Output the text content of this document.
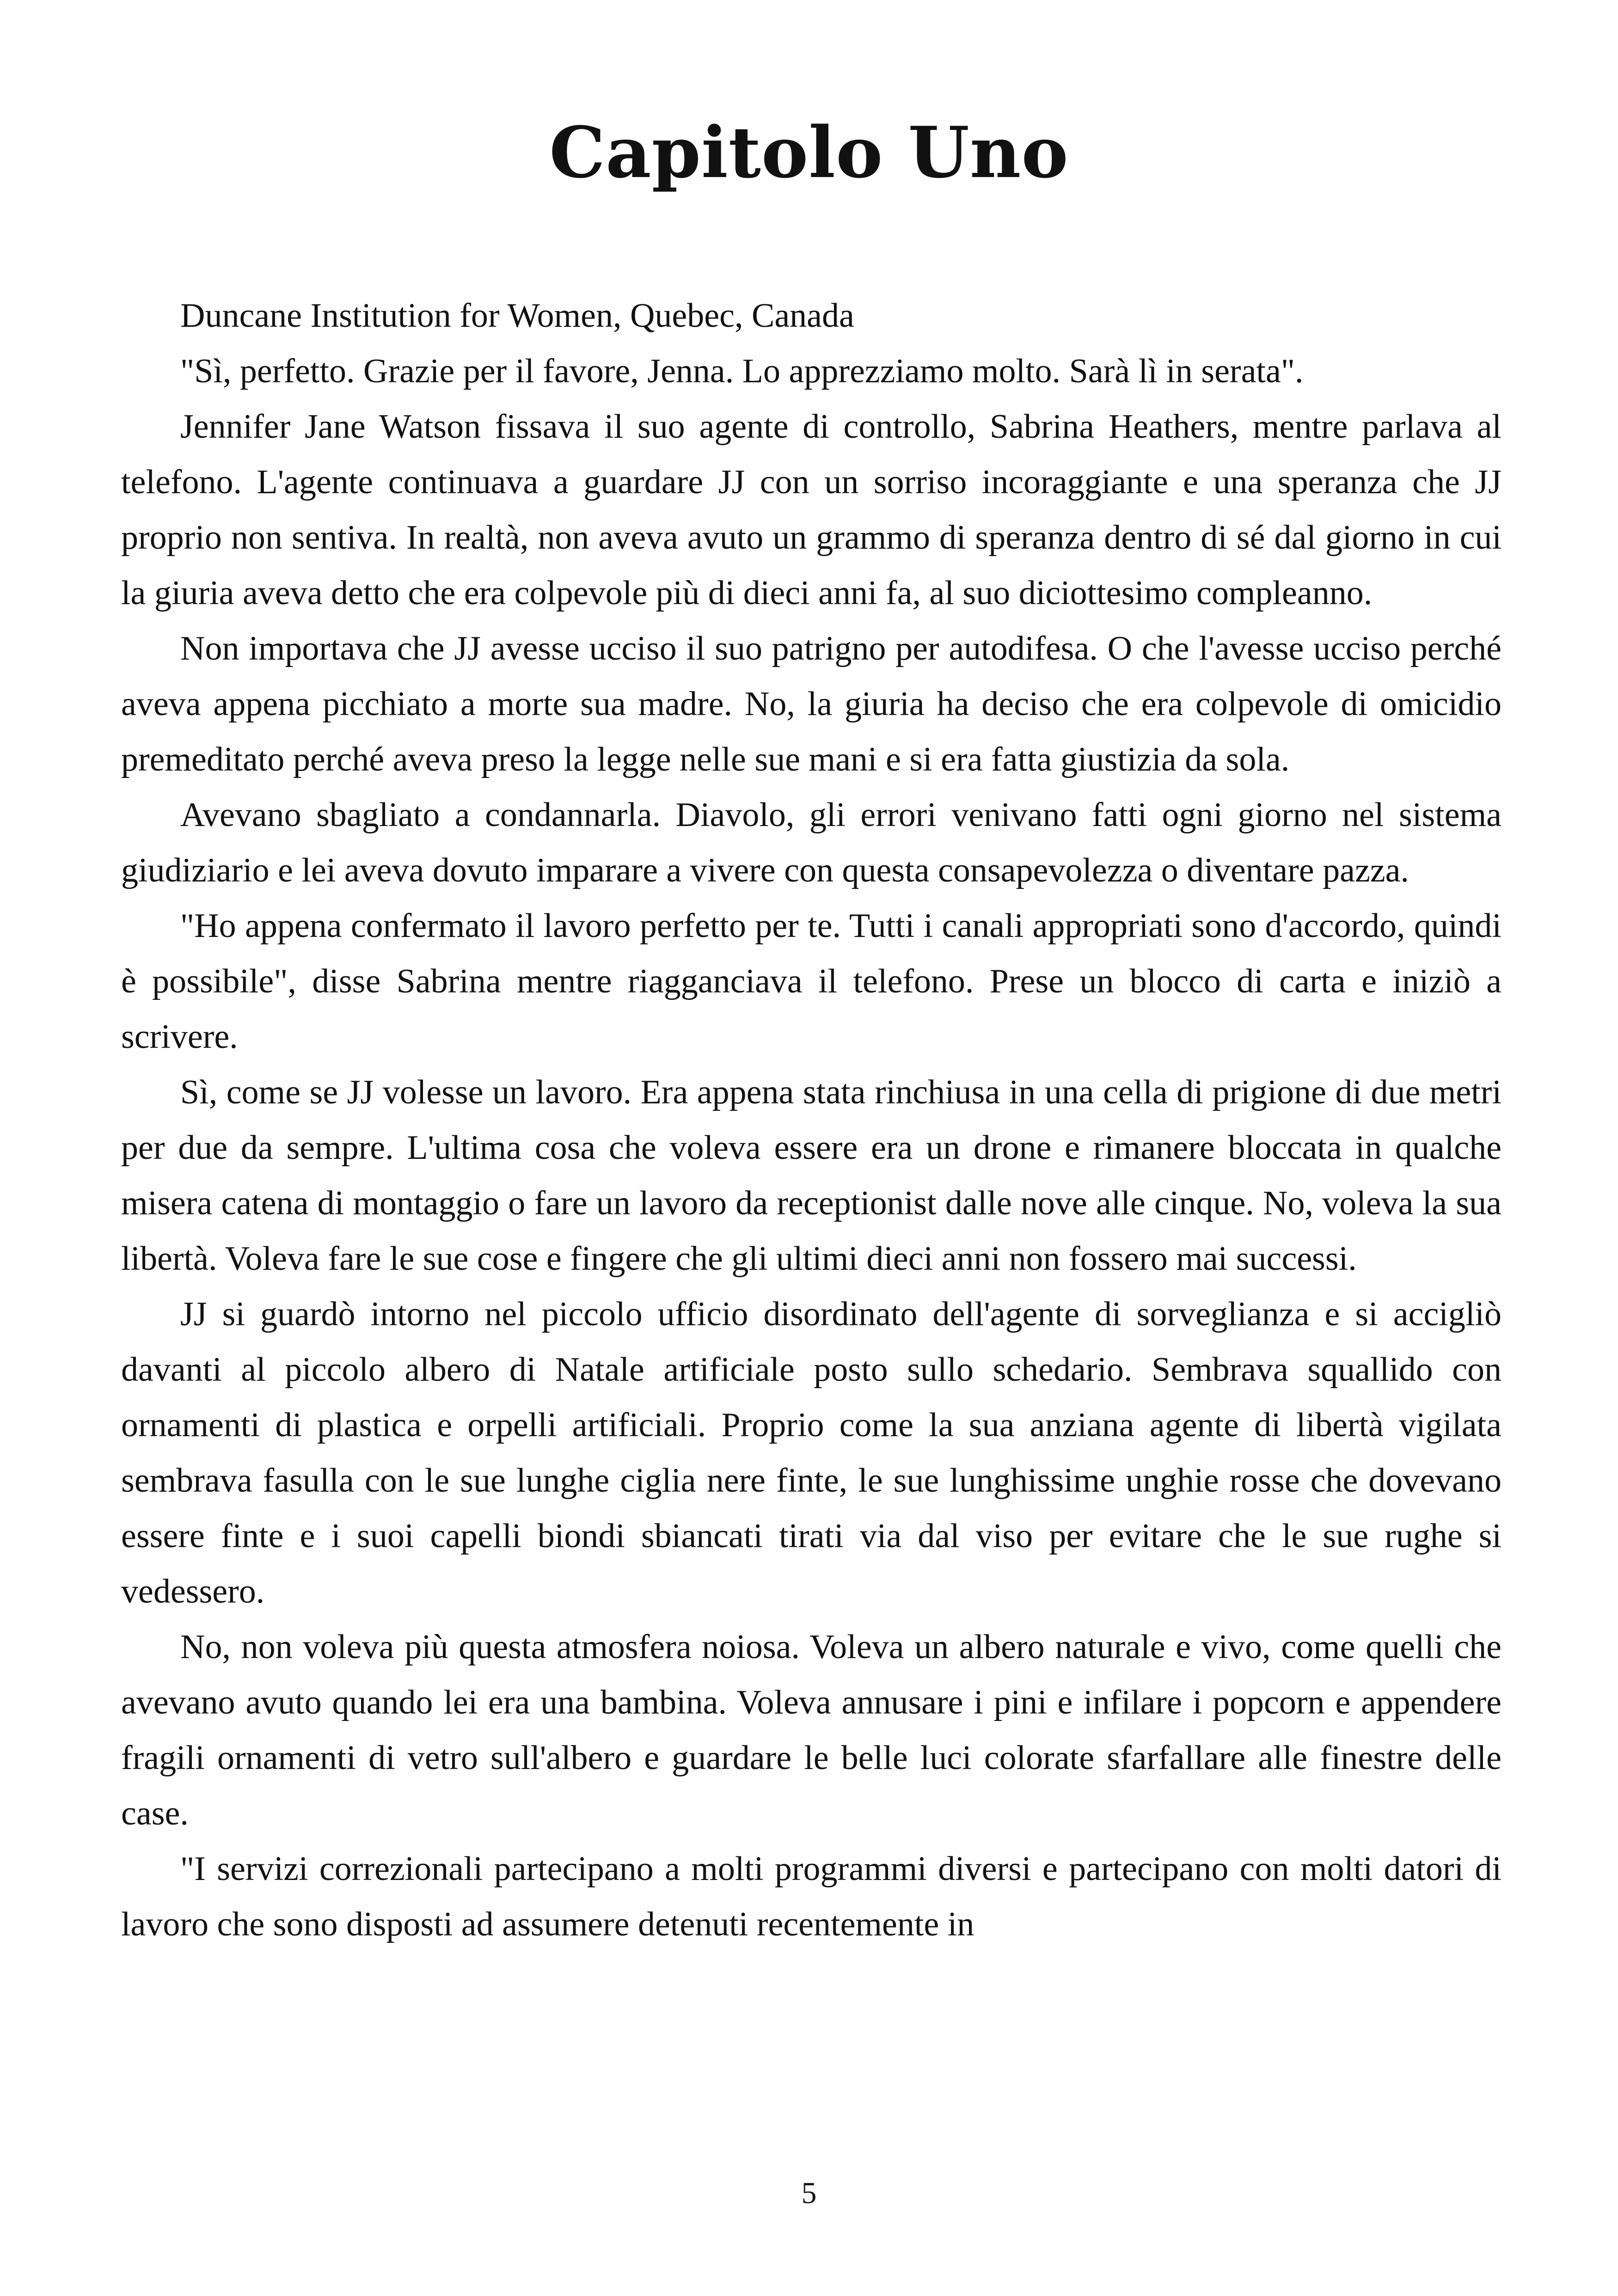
Capitolo Uno

Duncane Institution for Women, Quebec, Canada

"Sì, perfetto. Grazie per il favore, Jenna. Lo apprezziamo molto. Sarà lì in serata".

Jennifer Jane Watson fissava il suo agente di controllo, Sabrina Heathers, mentre parlava al telefono. L'agente continuava a guardare JJ con un sorriso incoraggiante e una speranza che JJ proprio non sentiva. In realtà, non aveva avuto un grammo di speranza dentro di sé dal giorno in cui la giuria aveva detto che era colpevole più di dieci anni fa, al suo diciottesimo compleanno.

Non importava che JJ avesse ucciso il suo patrigno per autodifesa. O che l'avesse ucciso perché aveva appena picchiato a morte sua madre. No, la giuria ha deciso che era colpevole di omicidio premeditato perché aveva preso la legge nelle sue mani e si era fatta giustizia da sola.

Avevano sbagliato a condannarla. Diavolo, gli errori venivano fatti ogni giorno nel sistema giudiziario e lei aveva dovuto imparare a vivere con questa consapevolezza o diventare pazza.

"Ho appena confermato il lavoro perfetto per te. Tutti i canali appropriati sono d'accordo, quindi è possibile", disse Sabrina mentre riagganciava il telefono. Prese un blocco di carta e iniziò a scrivere.

Sì, come se JJ volesse un lavoro. Era appena stata rinchiusa in una cella di prigione di due metri per due da sempre. L'ultima cosa che voleva essere era un drone e rimanere bloccata in qualche misera catena di montaggio o fare un lavoro da receptionist dalle nove alle cinque. No, voleva la sua libertà. Voleva fare le sue cose e fingere che gli ultimi dieci anni non fossero mai successi.

JJ si guardò intorno nel piccolo ufficio disordinato dell'agente di sorveglianza e si accigliò davanti al piccolo albero di Natale artificiale posto sullo schedario. Sembrava squallido con ornamenti di plastica e orpelli artificiali. Proprio come la sua anziana agente di libertà vigilata sembrava fasulla con le sue lunghe ciglia nere finte, le sue lunghissime unghie rosse che dovevano essere finte e i suoi capelli biondi sbiancati tirati via dal viso per evitare che le sue rughe si vedessero.

No, non voleva più questa atmosfera noiosa. Voleva un albero naturale e vivo, come quelli che avevano avuto quando lei era una bambina. Voleva annusare i pini e infilare i popcorn e appendere fragili ornamenti di vetro sull'albero e guardare le belle luci colorate sfarfallare alle finestre delle case.

"I servizi correzionali partecipano a molti programmi diversi e partecipano con molti datori di lavoro che sono disposti ad assumere detenuti recentemente in

5
